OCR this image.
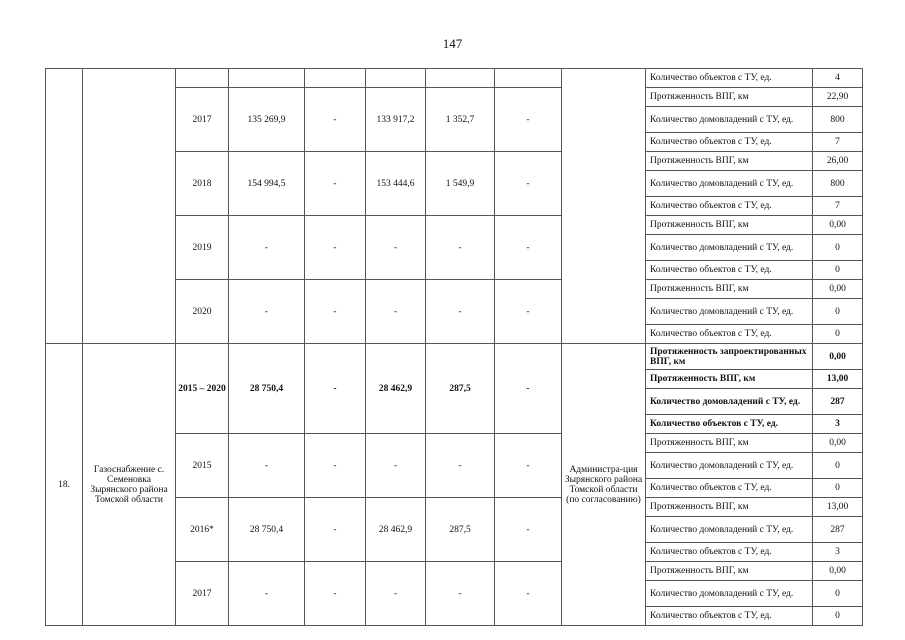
147
									Количество объектов с ТУ, ед.	4
		2017	135 269,9	-	133 917,2	1 352,7	-		Протяженность ВПГ, км	22,90
									Количество домовладений с ТУ, ед.	800
									Количество объектов с ТУ, ед.	7
		2018	154 994,5	-	153 444,6	1 549,9	-		Протяженность ВПГ, км	26,00
									Количество домовладений с ТУ, ед.	800
									Количество объектов с ТУ, ед.	7
		2019	-	-	-	-	-		Протяженность ВПГ, км	0,00
									Количество домовладений с ТУ, ед.	0
									Количество объектов с ТУ, ед.	0
		2020	-	-	-	-	-		Протяженность ВПГ, км	0,00
									Количество домовладений с ТУ, ед.	0
									Количество объектов с ТУ, ед.	0
18.	Газоснабжение с. Семеновка Зырянского района Томской области	2015 – 2020	28 750,4	-	28 462,9	287,5	-	Администра-ция Зырянского района Томской области (по согласованию)	Протяженность запроектированных ВПГ, км	0,00
									Протяженность ВПГ, км	13,00
									Количество домовладений с ТУ, ед.	287
									Количество объектов с ТУ, ед.	3
		2015	-	-	-	-	-		Протяженность ВПГ, км	0,00
									Количество домовладений с ТУ, ед.	0
									Количество объектов с ТУ, ед.	0
		2016*	28 750,4	-	28 462,9	287,5	-		Протяженность ВПГ, км	13,00
									Количество домовладений с ТУ, ед.	287
									Количество объектов с ТУ, ед.	3
		2017	-	-	-	-	-		Протяженность ВПГ, км	0,00
									Количество домовладений с ТУ, ед.	0
									Количество объектов с ТУ, ед.	0
